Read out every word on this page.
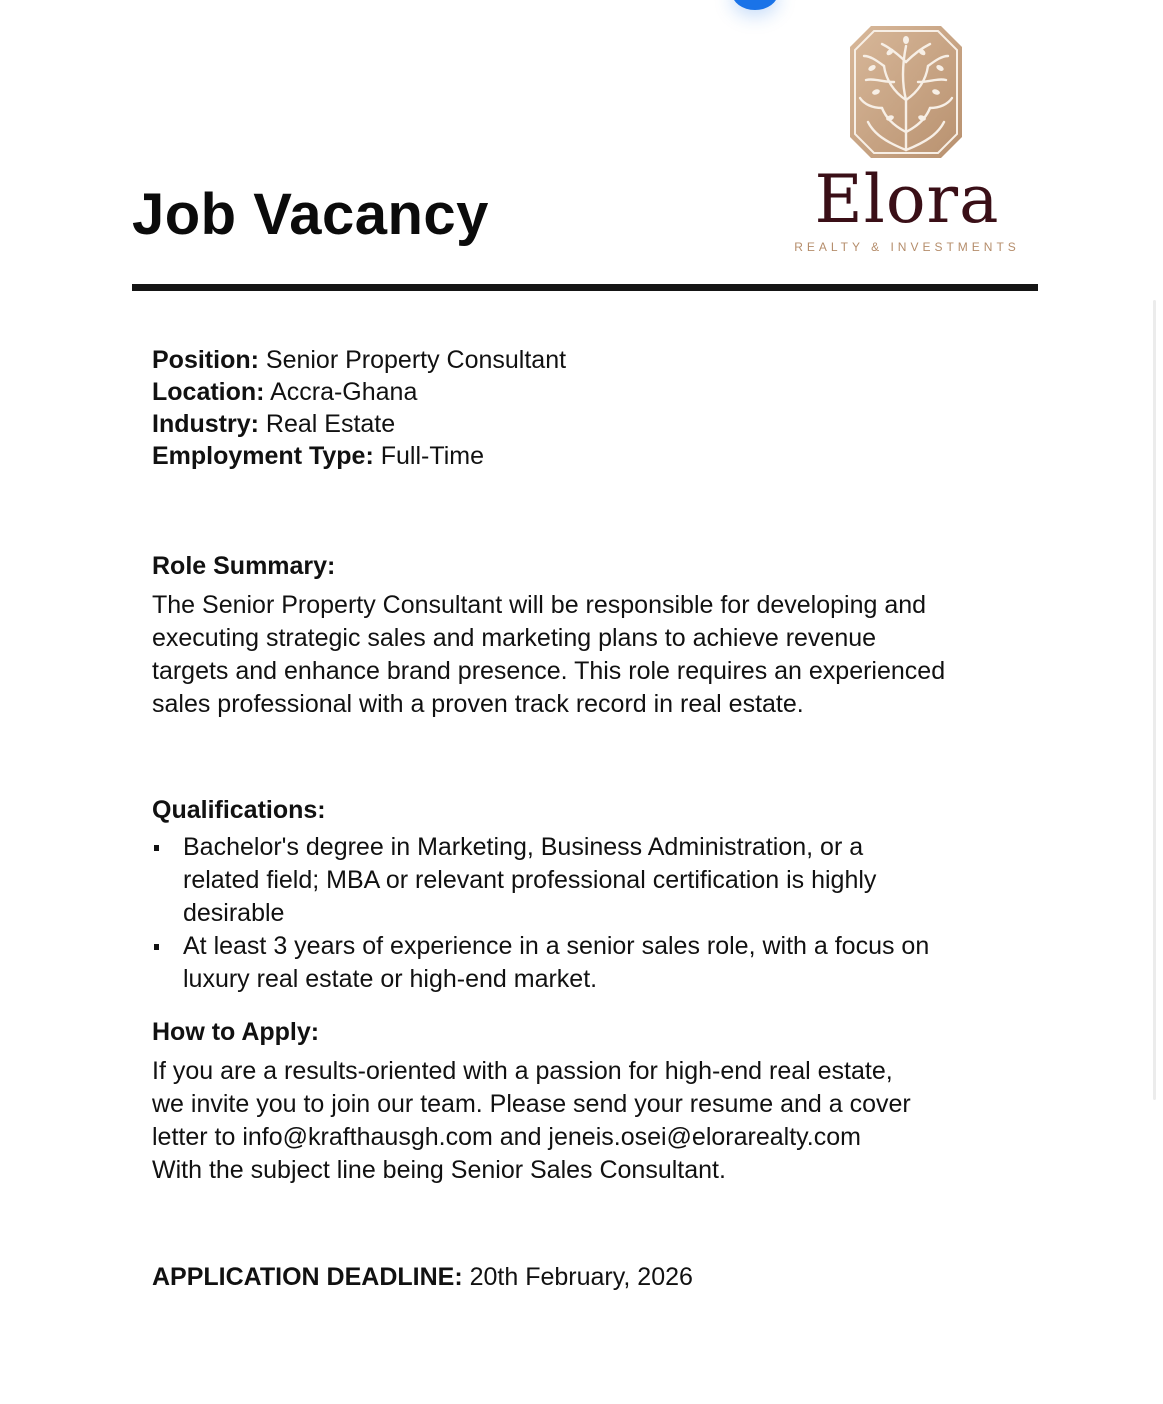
Job Vacancy	Elora
REALTY & INVESTMENTS

Position: Senior Property Consultant

Location: Accra-Ghana

Industry: Real Estate

Employment Type: Full-Time

Role Summary:

The Senior Property Consultant will be responsible for developing and
executing strategic sales and marketing plans to achieve revenue
targets and enhance brand presence. This role requires an experienced
sales professional with a proven track record in real estate.

Qualifications:

Bachelor's degree in Marketing, Business Administration, or a
related field; MBA or relevant professional certification is highly
desirable
At least 3 years of experience in a senior sales role, with a focus on
luxury real estate or high-end market.

How to Apply:

If you are a results-oriented with a passion for high-end real estate,
we invite you to join our team. Please send your resume and a cover
letter to info@krafthausgh.com and jeneis.osei@elorarealty.com
With the subject line being Senior Sales Consultant.

APPLICATION DEADLINE: 20th February, 2026
